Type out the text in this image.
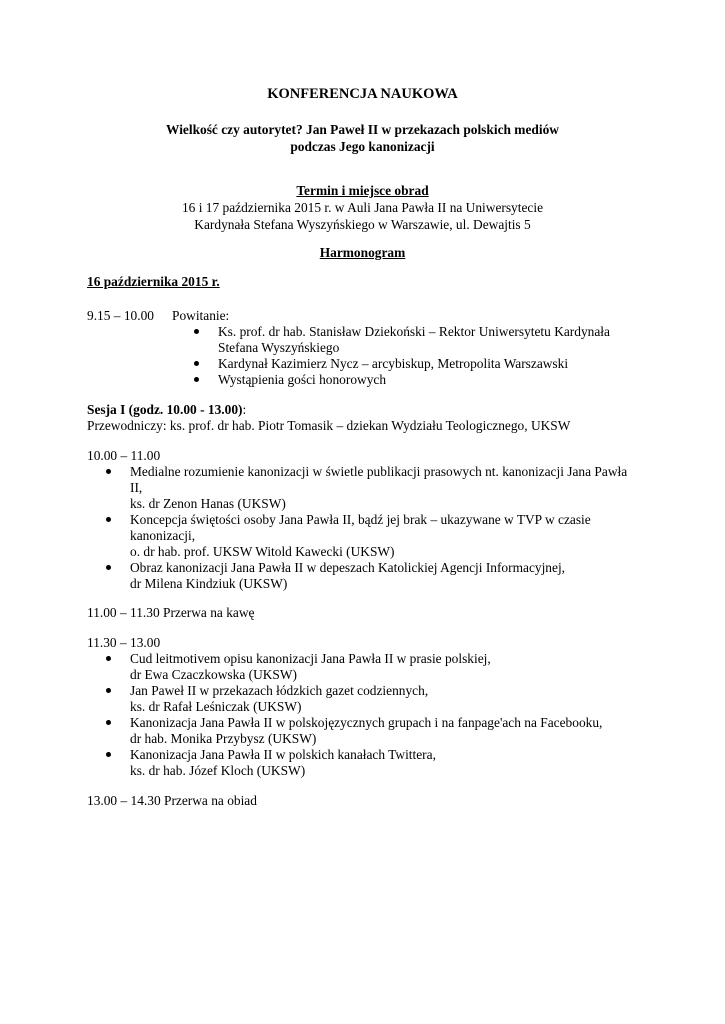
KONFERENCJA NAUKOWA
Wielkość czy autorytet? Jan Paweł II w przekazach polskich mediów
podczas Jego kanonizacji
Termin i miejsce obrad
16 i 17 października 2015 r. w Auli Jana Pawła II na Uniwersytecie
Kardynała Stefana Wyszyńskiego w Warszawie, ul. Dewajtis 5
Harmonogram
16 października 2015 r.
9.15 – 10.00 Powitanie:
Ks. prof. dr hab. Stanisław Dziekoński – Rektor Uniwersytetu Kardynała
Stefana Wyszyńskiego
Kardynał Kazimierz Nycz – arcybiskup, Metropolita Warszawski
Wystąpienia gości honorowych
Sesja I (godz. 10.00 - 13.00):
Przewodniczy: ks. prof. dr hab. Piotr Tomasik – dziekan Wydziału Teologicznego, UKSW
10.00 – 11.00
Medialne rozumienie kanonizacji w świetle publikacji prasowych nt. kanonizacji Jana Pawła
II,
ks. dr Zenon Hanas (UKSW)
Koncepcja świętości osoby Jana Pawła II, bądź jej brak – ukazywane w TVP w czasie
kanonizacji,
o. dr hab. prof. UKSW Witold Kawecki (UKSW)
Obraz kanonizacji Jana Pawła II w depeszach Katolickiej Agencji Informacyjnej,
dr Milena Kindziuk (UKSW)
11.00 – 11.30 Przerwa na kawę
11.30 – 13.00
Cud leitmotivem opisu kanonizacji Jana Pawła II w prasie polskiej,
dr Ewa Czaczkowska (UKSW)
Jan Paweł II w przekazach łódzkich gazet codziennych,
ks. dr Rafał Leśniczak (UKSW)
Kanonizacja Jana Pawła II w polskojęzycznych grupach i na fanpage'ach na Facebooku,
dr hab. Monika Przybysz (UKSW)
Kanonizacja Jana Pawła II w polskich kanałach Twittera,
ks. dr hab. Józef Kloch (UKSW)
13.00 – 14.30 Przerwa na obiad
